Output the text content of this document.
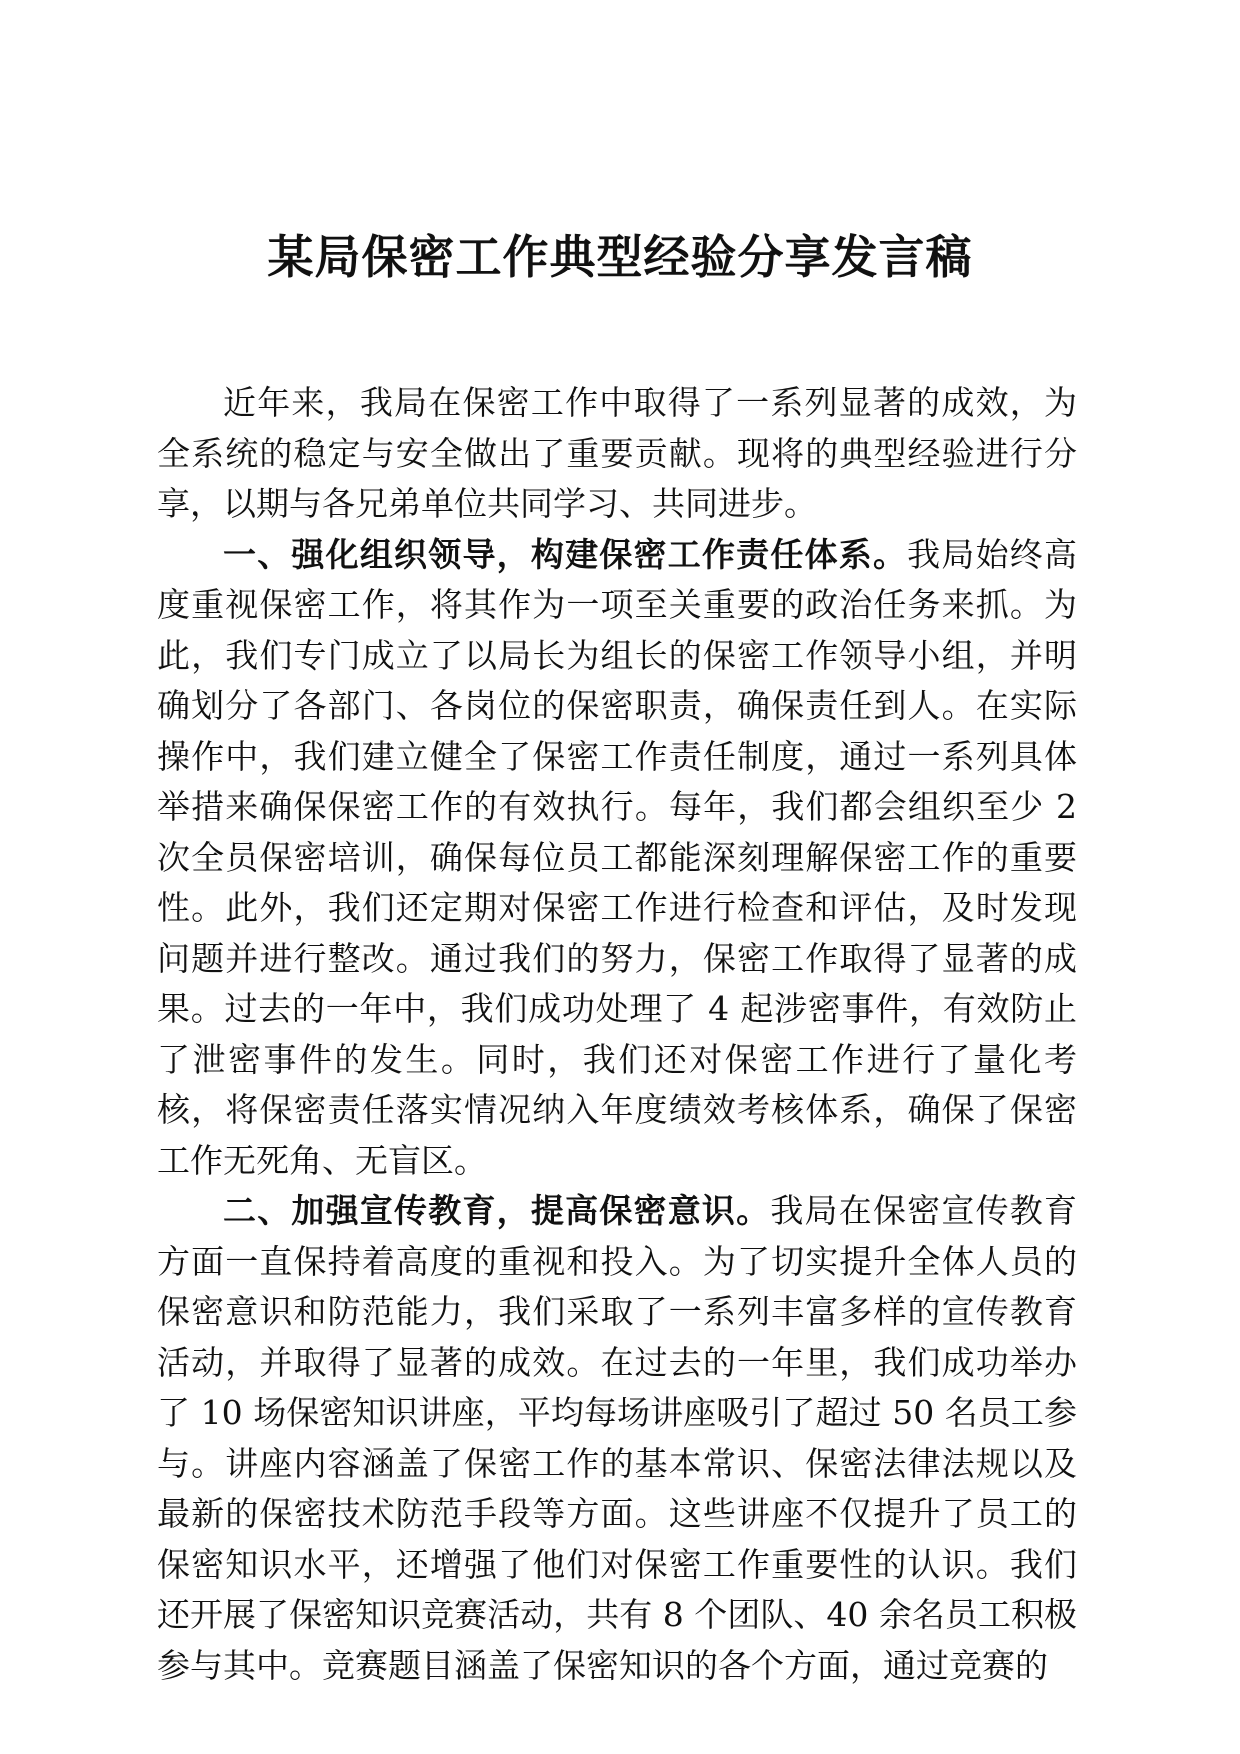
某局保密工作典型经验分享发言稿

近年来，我局在保密工作中取得了一系列显著的成效，为全系统的稳定与安全做出了重要贡献。现将的典型经验进行分享，以期与各兄弟单位共同学习、共同进步。

一、强化组织领导，构建保密工作责任体系。我局始终高度重视保密工作，将其作为一项至关重要的政治任务来抓。为此，我们专门成立了以局长为组长的保密工作领导小组，并明确划分了各部门、各岗位的保密职责，确保责任到人。在实际操作中，我们建立健全了保密工作责任制度，通过一系列具体举措来确保保密工作的有效执行。每年，我们都会组织至少 2 次全员保密培训，确保每位员工都能深刻理解保密工作的重要性。此外，我们还定期对保密工作进行检查和评估，及时发现问题并进行整改。通过我们的努力，保密工作取得了显著的成果。过去的一年中，我们成功处理了 4 起涉密事件，有效防止了泄密事件的发生。同时，我们还对保密工作进行了量化考核，将保密责任落实情况纳入年度绩效考核体系，确保了保密工作无死角、无盲区。

二、加强宣传教育，提高保密意识。我局在保密宣传教育方面一直保持着高度的重视和投入。为了切实提升全体人员的保密意识和防范能力，我们采取了一系列丰富多样的宣传教育活动，并取得了显著的成效。在过去的一年里，我们成功举办了 10 场保密知识讲座，平均每场讲座吸引了超过 50 名员工参与。讲座内容涵盖了保密工作的基本常识、保密法律法规以及最新的保密技术防范手段等方面。这些讲座不仅提升了员工的保密知识水平，还增强了他们对保密工作重要性的认识。我们还开展了保密知识竞赛活动，共有 8 个团队、40 余名员工积极参与其中。竞赛题目涵盖了保密知识的各个方面，通过竞赛的
